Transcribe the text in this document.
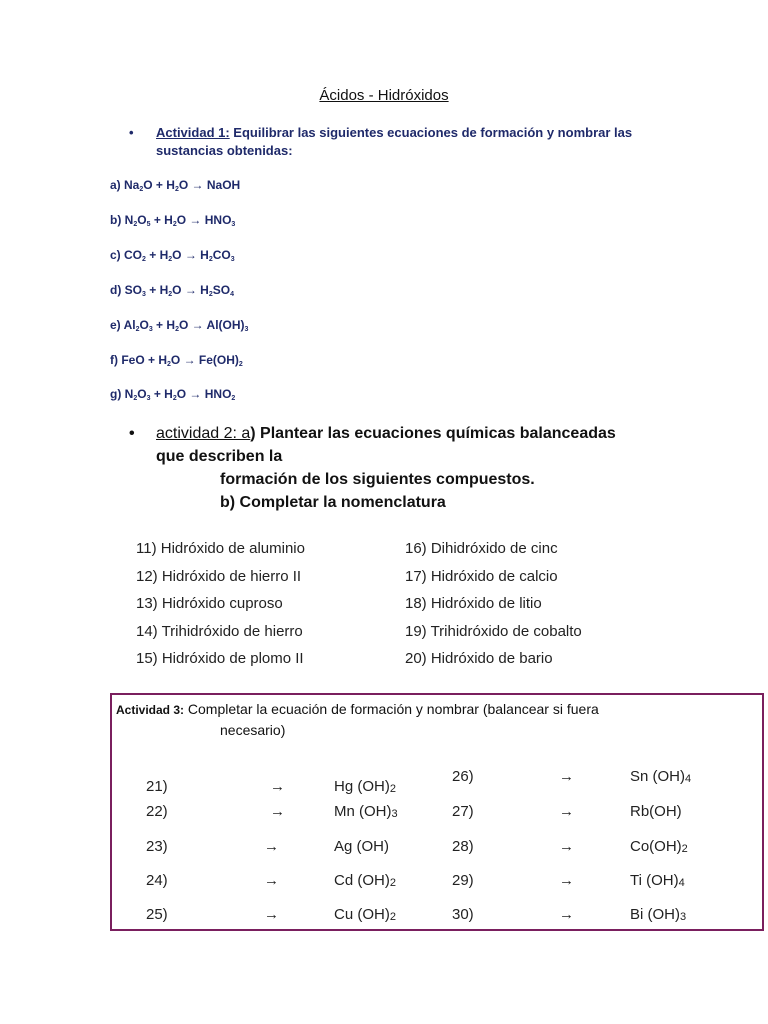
Ácidos - Hidróxidos
• Actividad 1: Equilibrar las siguientes ecuaciones de formación y nombrar las sustancias obtenidas:
a) $Na_2O + H_2O$ → NaOH
b) $N_2O_5 + H_2O \to HNO_3$
c) $CO_2 + H_2O \to H_2CO_3$
d) $SO_3 + H_2O \to H_2SO_4$
e) $Al_2O_3 + H_2O \to Al(OH)_3$
f) FeO + $H_2O \to Fe(OH)_2$
g) $N_2O_3 + H_2O \to HNO_2$
• actividad 2: a) Plantear las ecuaciones químicas balanceadas
que describen la
formación de los siguientes compuestos.
b) Completar la nomenclatura
11) Hidróxido de aluminio
12) Hidróxido de hierro II
13) Hidróxido cuproso
14) Trihidróxido de hierro
15) Hidróxido de plomo II
16) Dihidróxido de cinc
17) Hidróxido de calcio
18) Hidróxido de litio
19) Trihidróxido de cobalto
20) Hidróxido de bario
Actividad 3: Completar la ecuación de formación y nombrar (balancear si fuera
necesario)
21)	→	Hg $(OH)_2$
22)	→	Mn $(OH)_3$
23)	→	Ag (OH)
24)	→	Cd $(OH)_2$
25)	→	Cu $(OH)_2$
26)	→	Sn $(OH)_4$
27)	→	Rb(OH)
28)	→	$Co(OH)_2$
29)	→	Ti $(OH)_4$
30)	→	Bi $(OH)_3$
